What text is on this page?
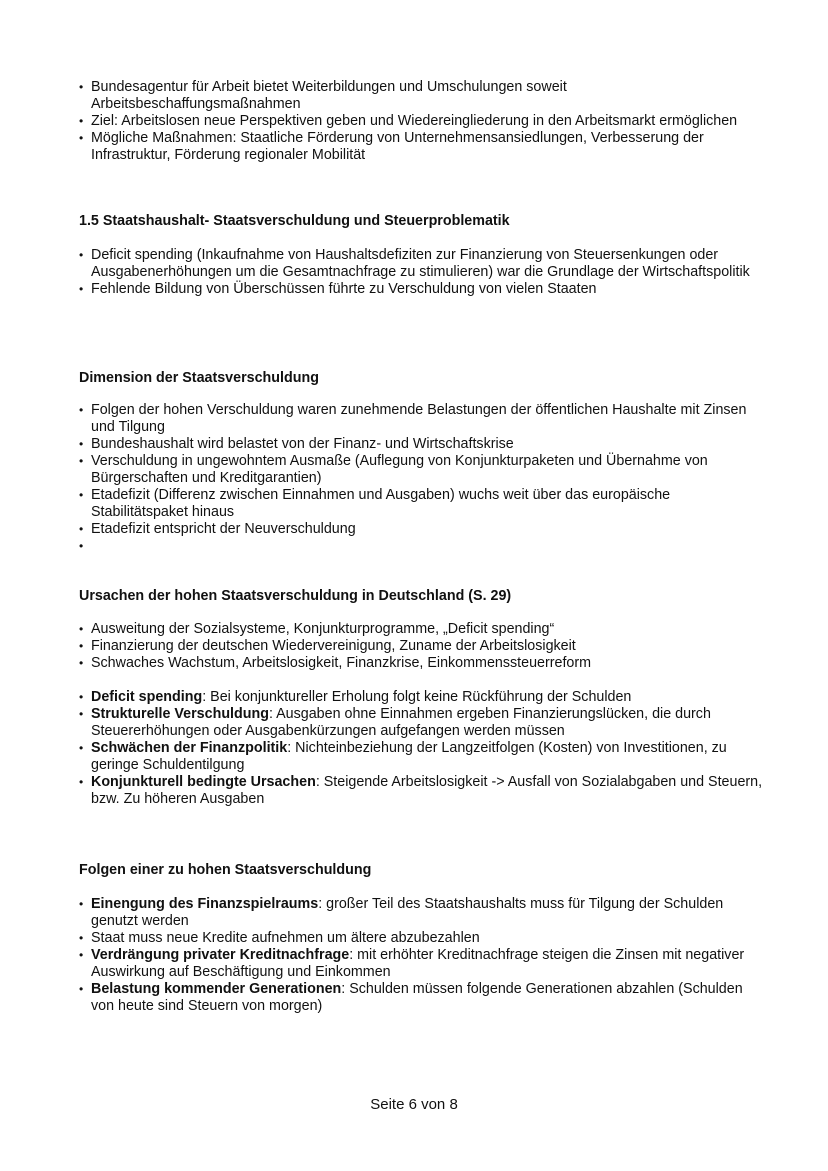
• Bundesagentur für Arbeit bietet Weiterbildungen und Umschulungen soweit Arbeitsbeschaffungsmaßnahmen
• Ziel: Arbeitslosen neue Perspektiven geben und Wiedereingliederung in den Arbeitsmarkt ermöglichen
• Mögliche Maßnahmen: Staatliche Förderung von Unternehmensansiedlungen, Verbesserung der Infrastruktur, Förderung regionaler Mobilität
1.5 Staatshaushalt- Staatsverschuldung und Steuerproblematik
• Deficit spending (Inkaufnahme von Haushaltsdefiziten zur Finanzierung von Steuersenkungen oder Ausgabenerhöhungen um die Gesamtnachfrage zu stimulieren) war die Grundlage der Wirtschaftspolitik
• Fehlende Bildung von Überschüssen führte zu Verschuldung von vielen Staaten
Dimension der Staatsverschuldung
• Folgen der hohen Verschuldung waren zunehmende Belastungen der öffentlichen Haushalte mit Zinsen und Tilgung
• Bundeshaushalt wird belastet von der Finanz- und Wirtschaftskrise
• Verschuldung in ungewohntem Ausmaße (Auflegung von Konjunkturpaketen und Übernahme von Bürgerschaften und Kreditgarantien)
• Etadefizit (Differenz zwischen Einnahmen und Ausgaben) wuchs weit über das europäische Stabilitätspaket hinaus
• Etadefizit entspricht der Neuverschuldung
•
Ursachen der hohen Staatsverschuldung in Deutschland (S. 29)
• Ausweitung der Sozialsysteme, Konjunkturprogramme, „Deficit spending“
• Finanzierung der deutschen Wiedervereinigung, Zuname der Arbeitslosigkeit
• Schwaches Wachstum, Arbeitslosigkeit, Finanzkrise, Einkommenssteuerreform
• Deficit spending: Bei konjunktureller Erholung folgt keine Rückführung der Schulden
• Strukturelle Verschuldung: Ausgaben ohne Einnahmen ergeben Finanzierungslücken, die durch Steuererhöhungen oder Ausgabenkürzungen aufgefangen werden müssen
• Schwächen der Finanzpolitik: Nichteinbeziehung der Langzeitfolgen (Kosten) von Investitionen, zu geringe Schuldentilgung
• Konjunkturell bedingte Ursachen: Steigende Arbeitslosigkeit -> Ausfall von Sozialabgaben und Steuern, bzw. Zu höheren Ausgaben
Folgen einer zu hohen Staatsverschuldung
• Einengung des Finanzspielraums: großer Teil des Staatshaushalts muss für Tilgung der Schulden genutzt werden
• Staat muss neue Kredite aufnehmen um ältere abzubezahlen
• Verdrängung privater Kreditnachfrage: mit erhöhter Kreditnachfrage steigen die Zinsen mit negativer Auswirkung auf Beschäftigung und Einkommen
• Belastung kommender Generationen: Schulden müssen folgende Generationen abzahlen (Schulden von heute sind Steuern von morgen)
Seite 6 von 8
